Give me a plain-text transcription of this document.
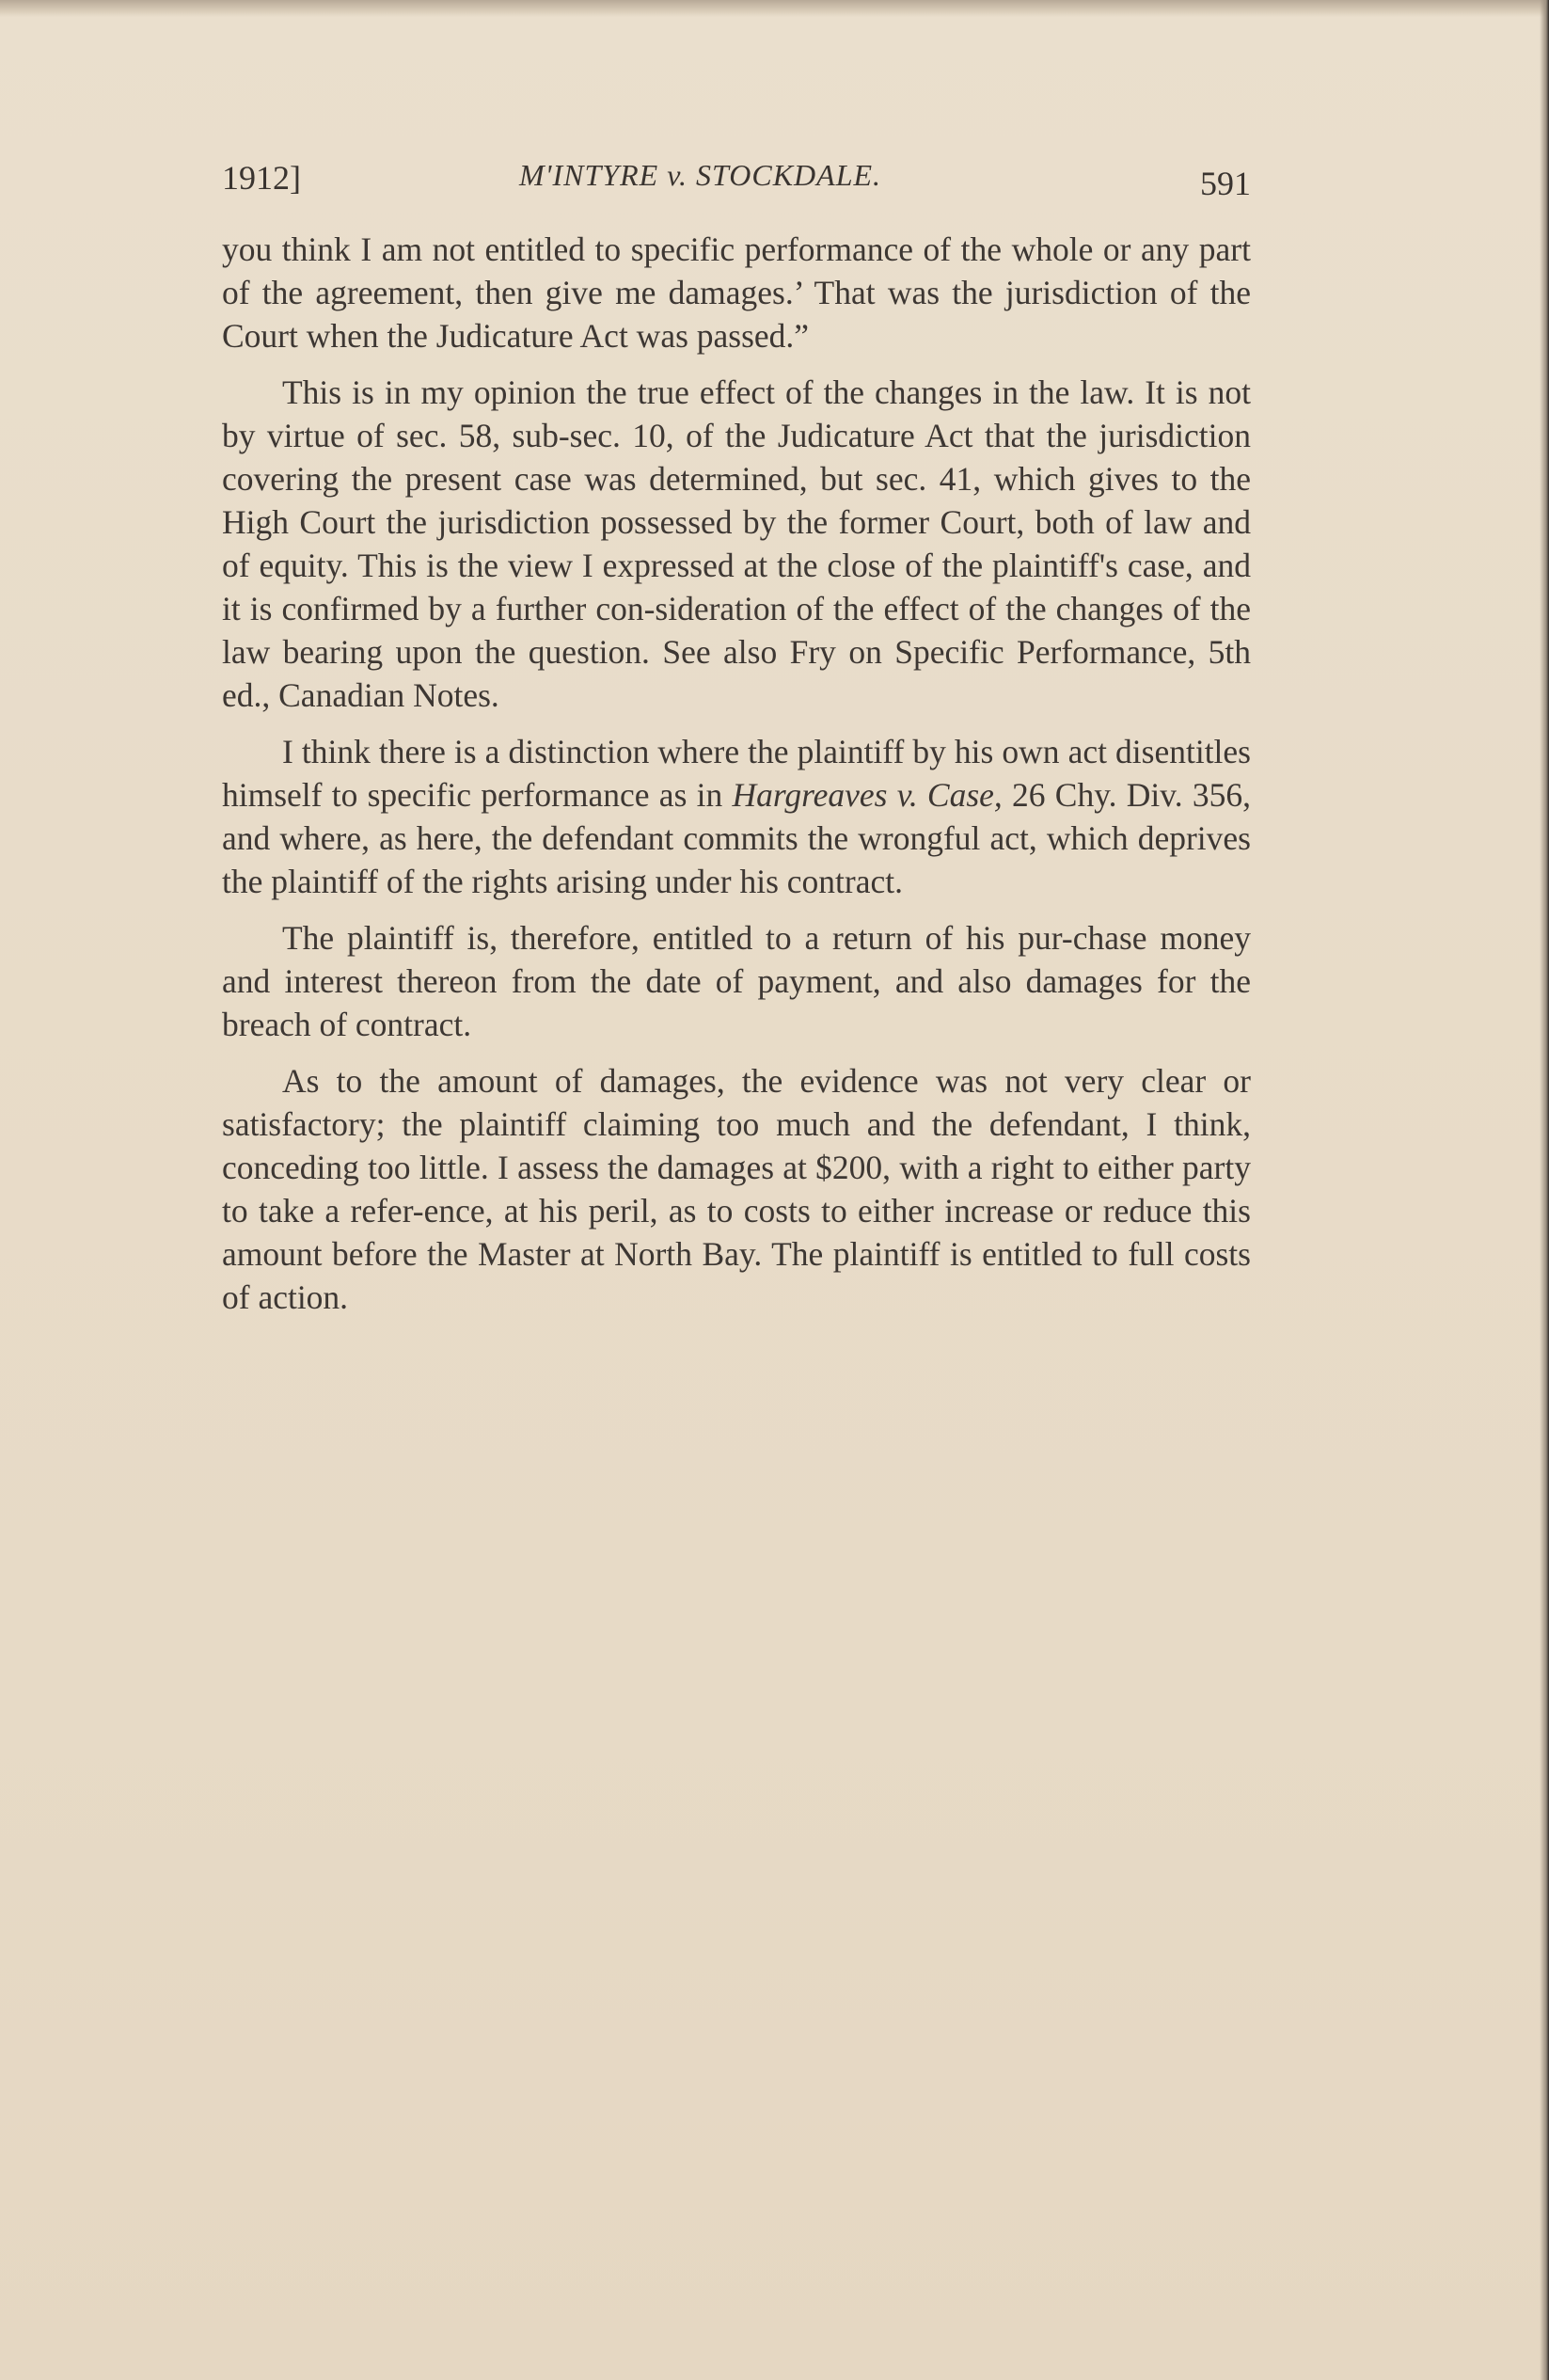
1912]	M'INTYRE v. STOCKDALE.	591

you think I am not entitled to specific performance of the whole or any part of the agreement, then give me damages.’ That was the jurisdiction of the Court when the Judicature Act was passed.”

This is in my opinion the true effect of the changes in the law. It is not by virtue of sec. 58, sub-sec. 10, of the Judicature Act that the jurisdiction covering the present case was determined, but sec. 41, which gives to the High Court the jurisdiction possessed by the former Court, both of law and of equity. This is the view I expressed at the close of the plaintiff's case, and it is confirmed by a further con-sideration of the effect of the changes of the law bearing upon the question. See also Fry on Specific Performance, 5th ed., Canadian Notes.

I think there is a distinction where the plaintiff by his own act disentitles himself to specific performance as in Hargreaves v. Case, 26 Chy. Div. 356, and where, as here, the defendant commits the wrongful act, which deprives the plaintiff of the rights arising under his contract.

The plaintiff is, therefore, entitled to a return of his pur-chase money and interest thereon from the date of payment, and also damages for the breach of contract.

As to the amount of damages, the evidence was not very clear or satisfactory; the plaintiff claiming too much and the defendant, I think, conceding too little. I assess the damages at $200, with a right to either party to take a refer-ence, at his peril, as to costs to either increase or reduce this amount before the Master at North Bay. The plaintiff is entitled to full costs of action.
